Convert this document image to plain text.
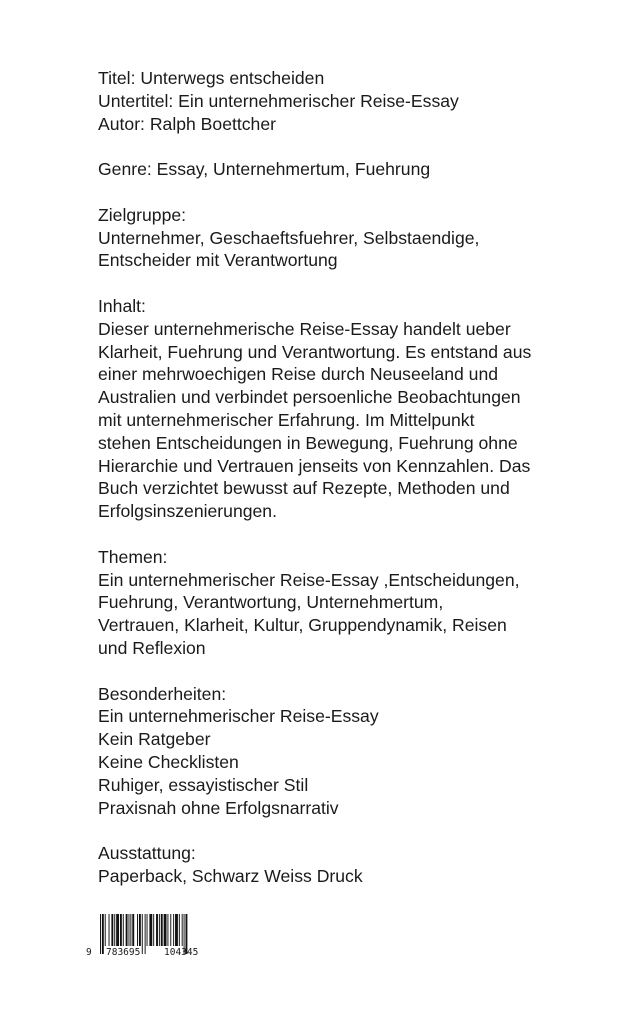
Titel: Unterwegs entscheiden
Untertitel: Ein unternehmerischer Reise-Essay
Autor: Ralph Boettcher
Genre: Essay, Unternehmertum, Fuehrung
Zielgruppe:
Unternehmer, Geschaeftsfuehrer, Selbstaendige,
Entscheider mit Verantwortung
Inhalt:
Dieser unternehmerische Reise-Essay handelt ueber
Klarheit, Fuehrung und Verantwortung. Es entstand aus
einer mehrwoechigen Reise durch Neuseeland und
Australien und verbindet persoenliche Beobachtungen
mit unternehmerischer Erfahrung. Im Mittelpunkt
stehen Entscheidungen in Bewegung, Fuehrung ohne
Hierarchie und Vertrauen jenseits von Kennzahlen. Das
Buch verzichtet bewusst auf Rezepte, Methoden und
Erfolgsinszenierungen.
Themen:
Ein unternehmerischer Reise-Essay ,Entscheidungen,
Fuehrung, Verantwortung, Unternehmertum,
Vertrauen, Klarheit, Kultur, Gruppendynamik, Reisen
und Reflexion
Besonderheiten:
Ein unternehmerischer Reise-Essay
Kein Ratgeber
Keine Checklisten
Ruhiger, essayistischer Stil
Praxisnah ohne Erfolgsnarrativ
Ausstattung:
Paperback, Schwarz Weiss Druck
9 783695 104345
